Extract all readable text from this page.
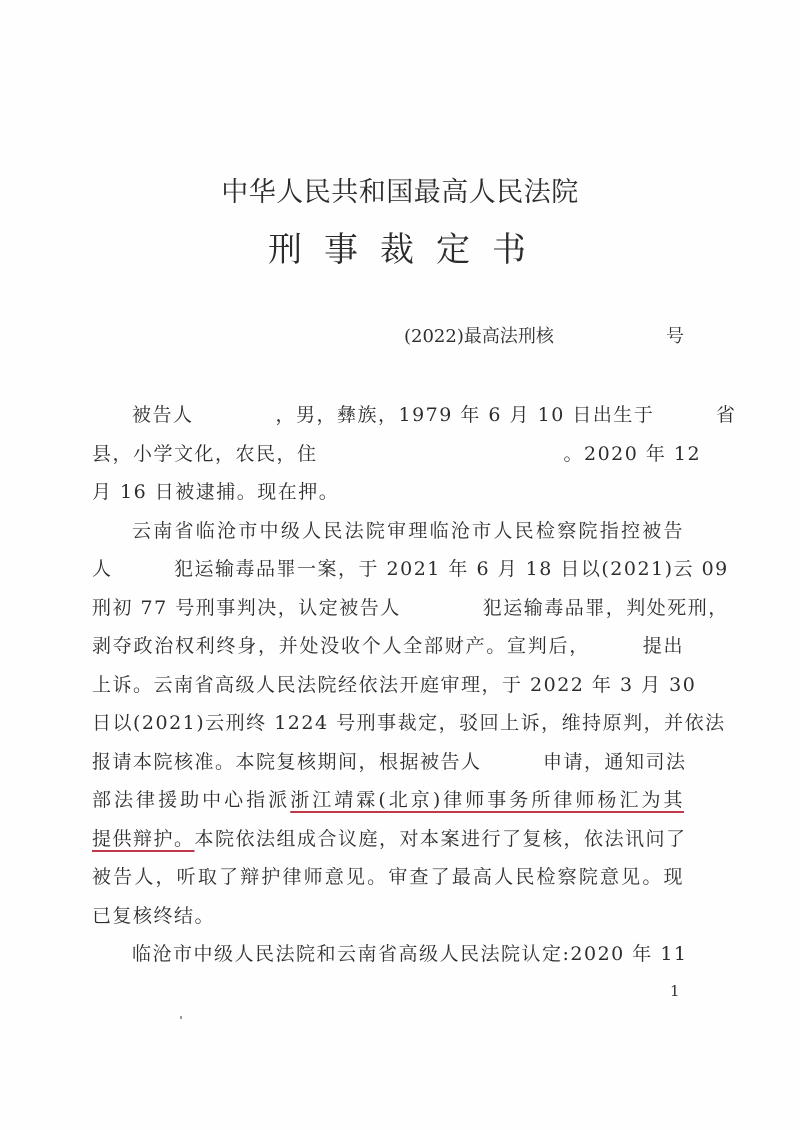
中华人民共和国最高人民法院
刑事裁定书
(2022)最高法刑核	号
被告人　　　　，男，彝族，1979 年 6 月 10 日出生于　　　省
县，小学文化，农民，住　　　　　　　　　　　　。2020 年 12
月 16 日被逮捕。现在押。
云南省临沧市中级人民法院审理临沧市人民检察院指控被告
人　　　犯运输毒品罪一案，于 2021 年 6 月 18 日以(2021)云 09
刑初 77 号刑事判决，认定被告人　　　　犯运输毒品罪，判处死刑，
剥夺政治权利终身，并处没收个人全部财产。宣判后，　　　提出
上诉。云南省高级人民法院经依法开庭审理，于 2022 年 3 月 30
日以(2021)云刑终 1224 号刑事裁定，驳回上诉，维持原判，并依法
报请本院核准。本院复核期间，根据被告人　　　申请，通知司法
部法律援助中心指派浙江靖霖(北京)律师事务所律师杨汇为其
提供辩护。本院依法组成合议庭，对本案进行了复核，依法讯问了
被告人，听取了辩护律师意见。审查了最高人民检察院意见。现
已复核终结。
临沧市中级人民法院和云南省高级人民法院认定:2020 年 11
1
